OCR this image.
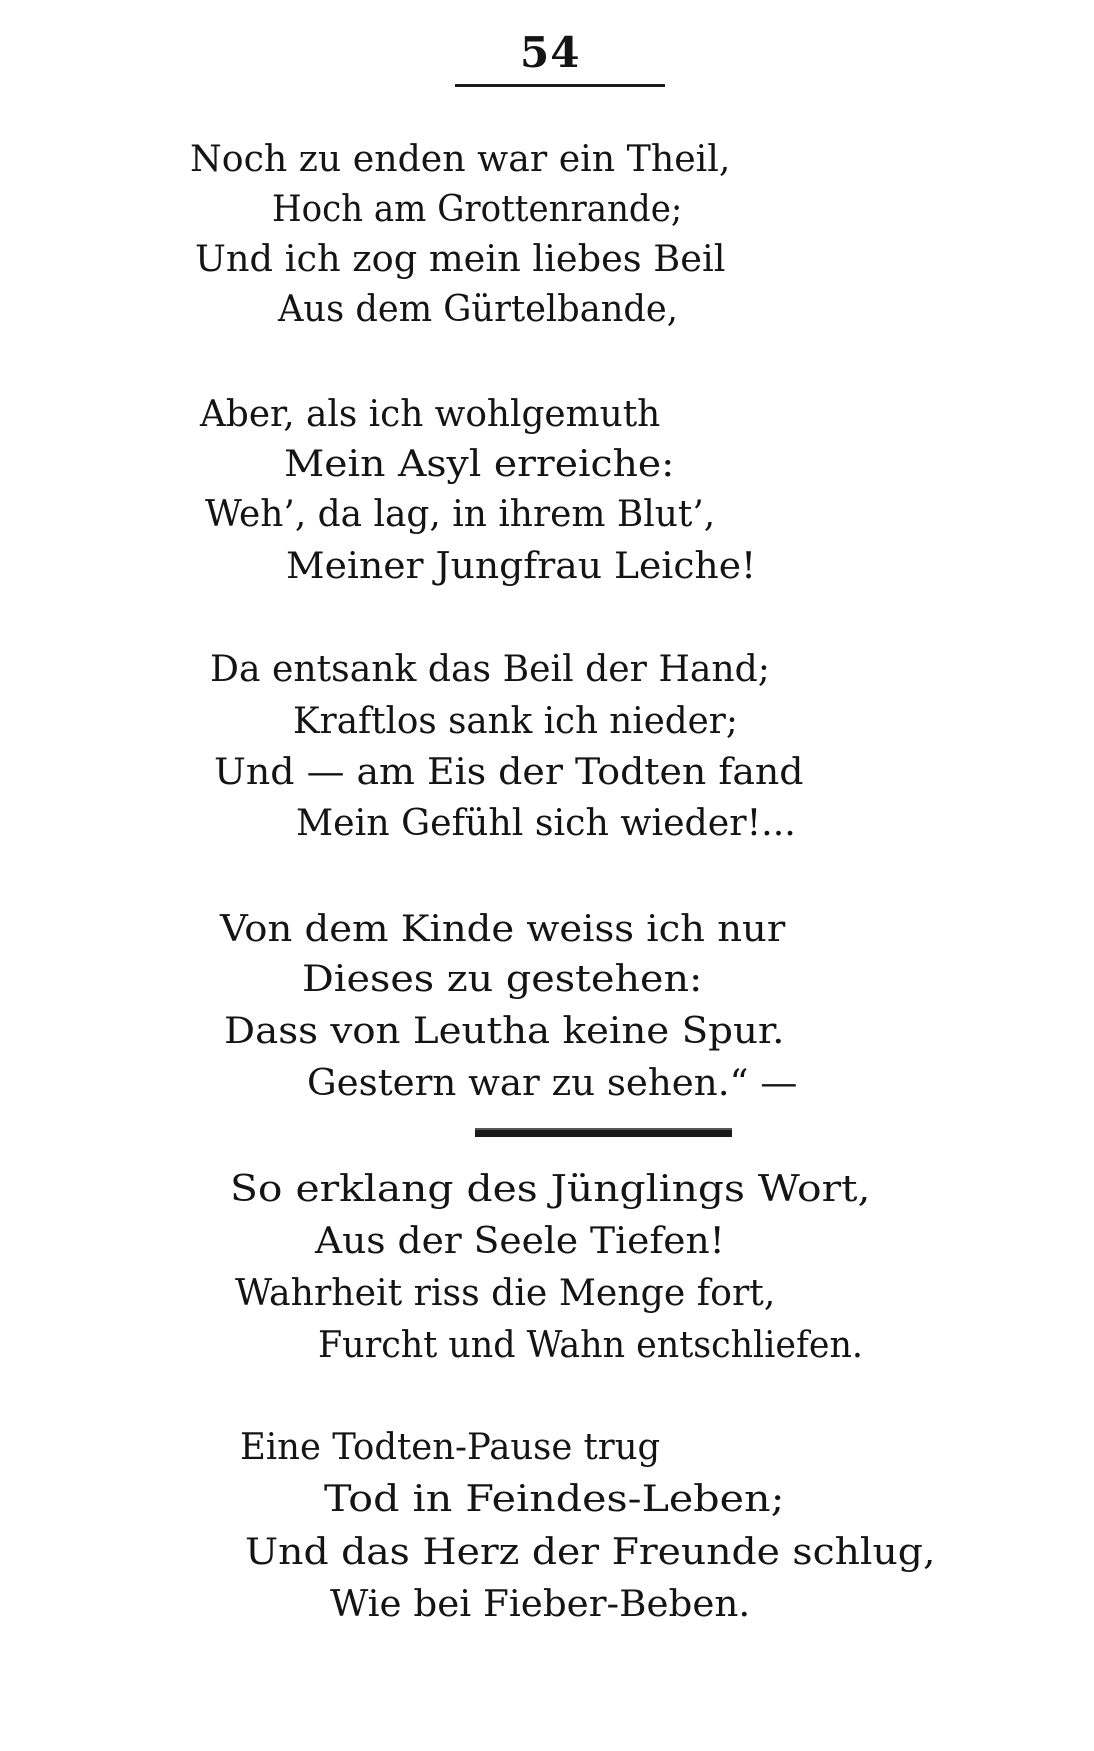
54
Noch zu enden war ein Theil,
Hoch am Grottenrande;
Und ich zog mein liebes Beil
Aus dem Gürtelbande,
Aber, als ich wohlgemuth
Mein Asyl erreiche:
Weh’, da lag, in ihrem Blut’,
Meiner Jungfrau Leiche!
Da entsank das Beil der Hand;
Kraftlos sank ich nieder;
Und — am Eis der Todten fand
Mein Gefühl sich wieder!...
Von dem Kinde weiss ich nur
Dieses zu gestehen:
Dass von Leutha keine Spur.
Gestern war zu sehen.“ —
So erklang des Jünglings Wort,
Aus der Seele Tiefen!
Wahrheit riss die Menge fort,
Furcht und Wahn entschliefen.
Eine Todten-Pause trug
Tod in Feindes-Leben;
Und das Herz der Freunde schlug,
Wie bei Fieber-Beben.
